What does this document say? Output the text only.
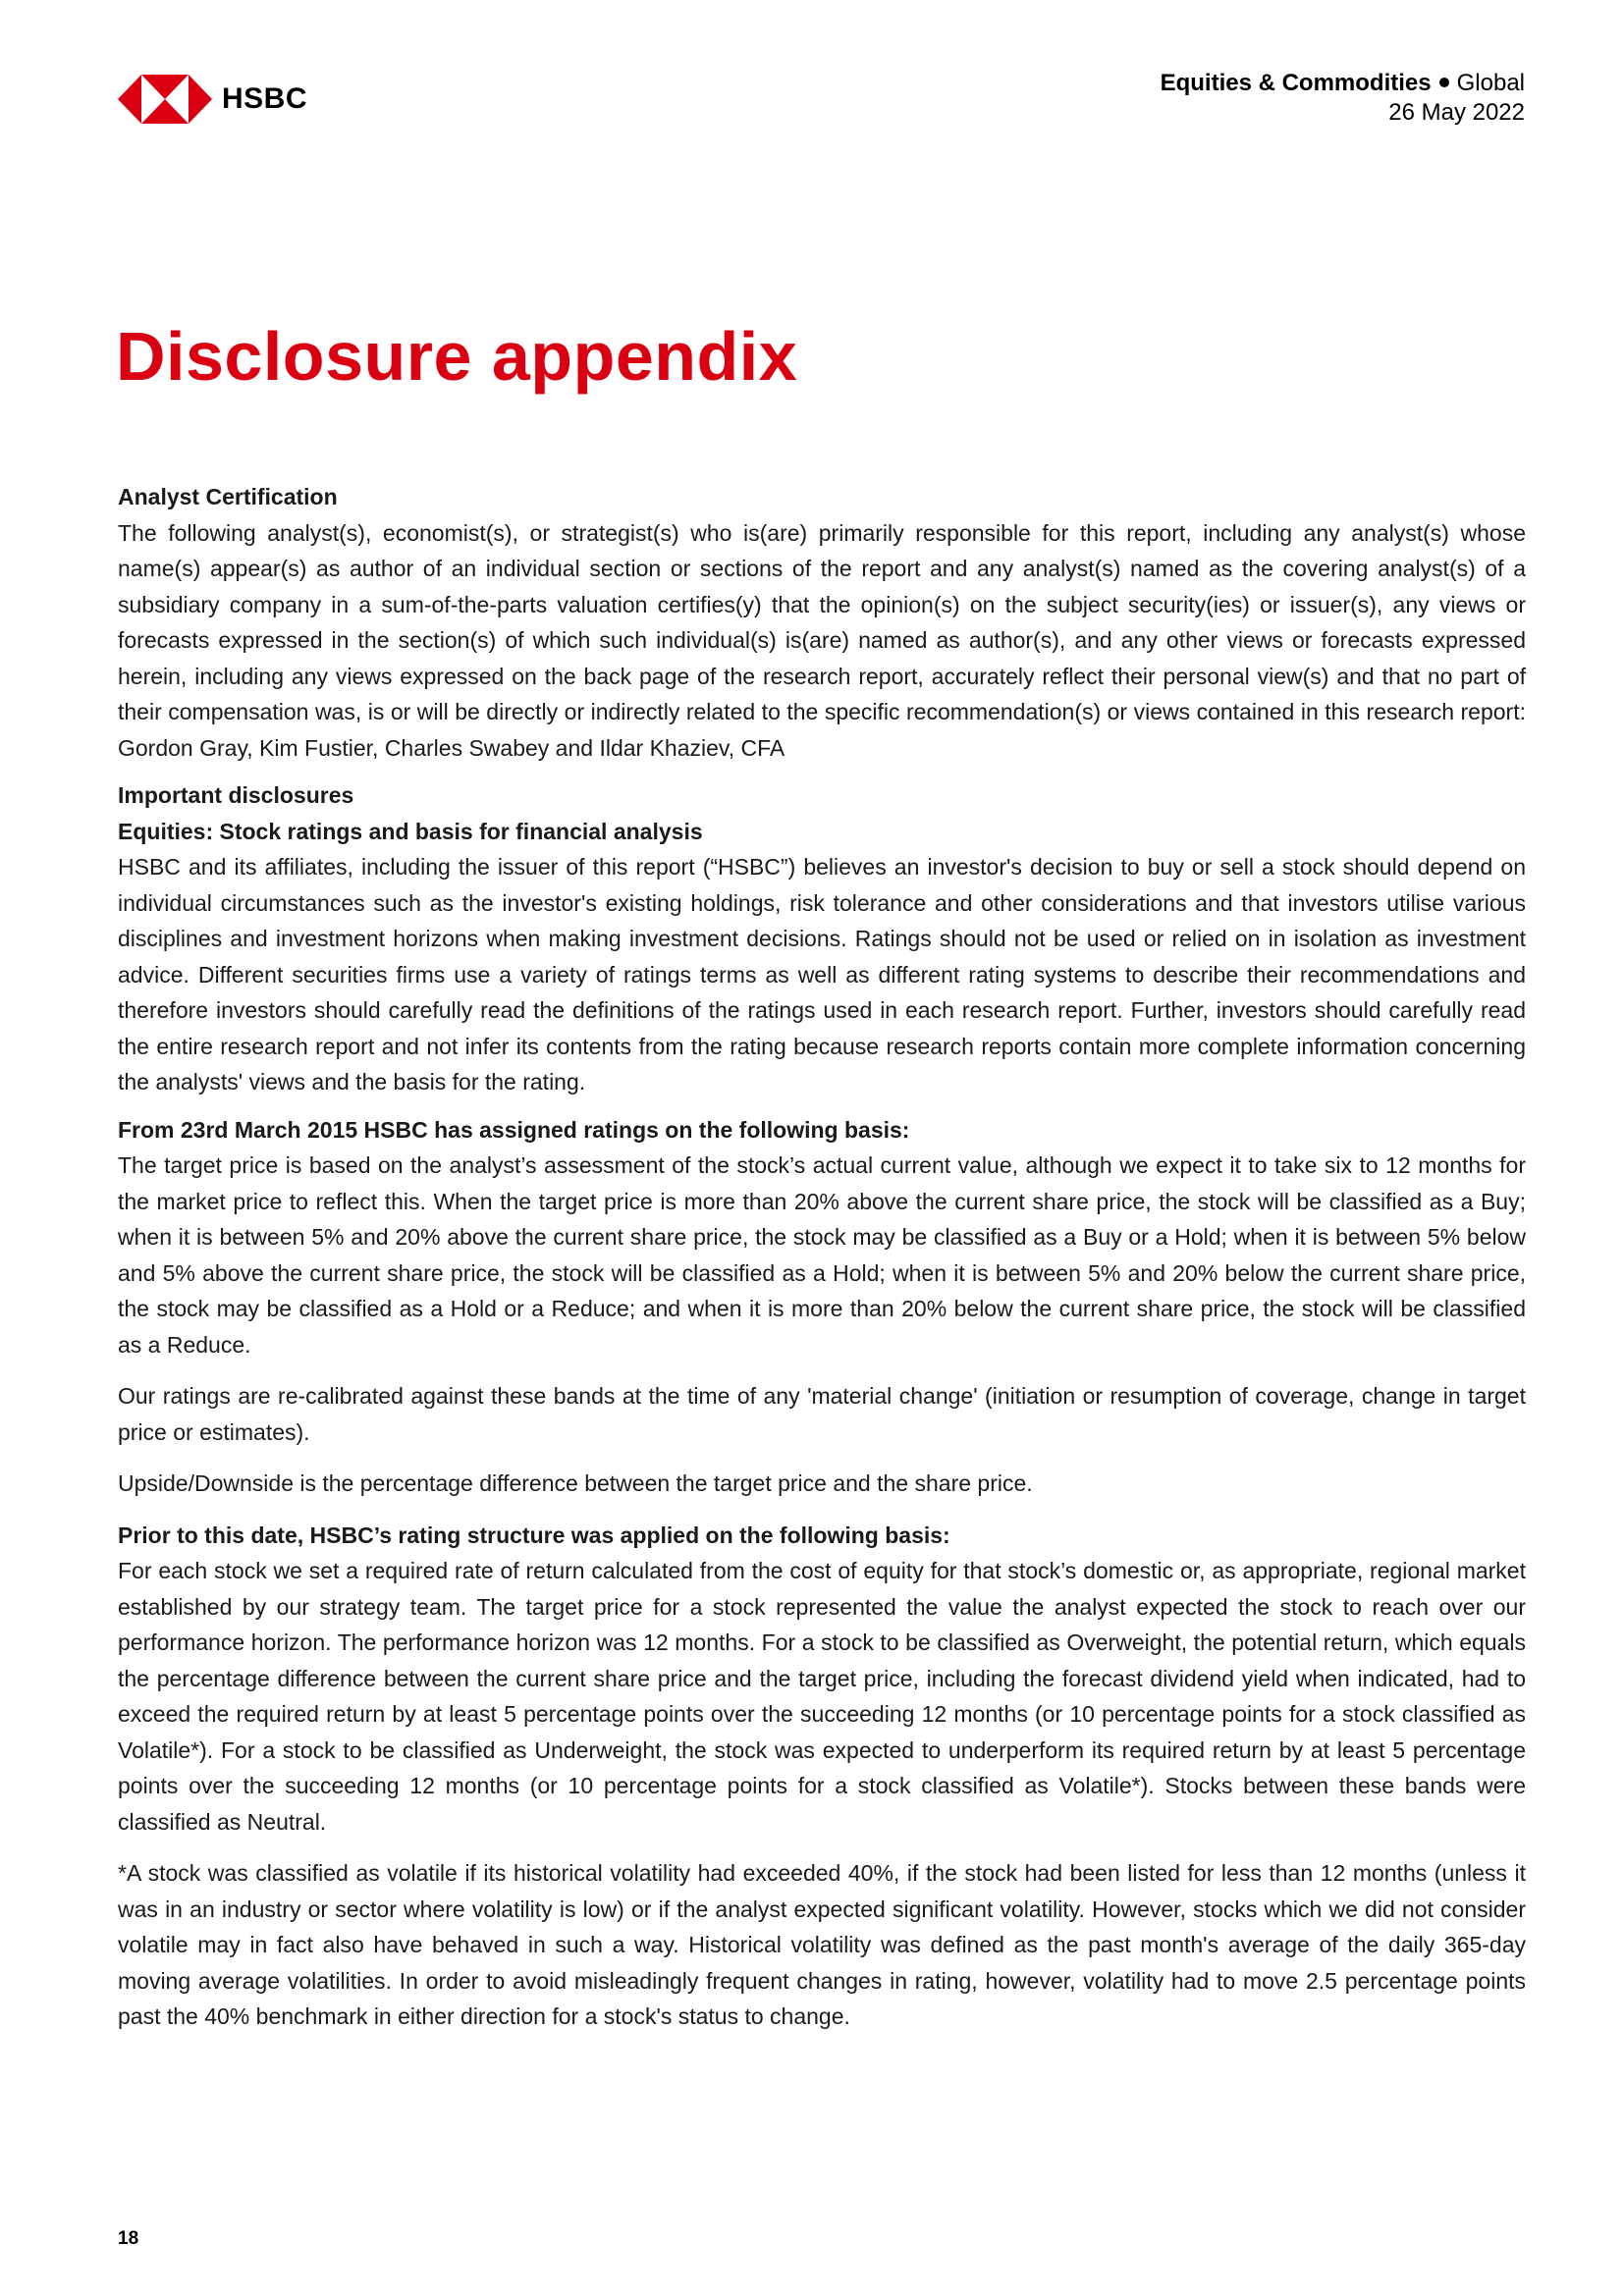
HSBC	Equities & Commodities Global
26 May 2022
Disclosure appendix
Analyst Certification

The following analyst(s), economist(s), or strategist(s) who is(are) primarily responsible for this report, including any analyst(s) whose name(s) appear(s) as author of an individual section or sections of the report and any analyst(s) named as the covering analyst(s) of a subsidiary company in a sum-of-the-parts valuation certifies(y) that the opinion(s) on the subject security(ies) or issuer(s), any views or forecasts expressed in the section(s) of which such individual(s) is(are) named as author(s), and any other views or forecasts expressed herein, including any views expressed on the back page of the research report, accurately reflect their personal view(s) and that no part of their compensation was, is or will be directly or indirectly related to the specific recommendation(s) or views contained in this research report: Gordon Gray, Kim Fustier, Charles Swabey and Ildar Khaziev, CFA

Important disclosures
Equities: Stock ratings and basis for financial analysis

HSBC and its affiliates, including the issuer of this report (“HSBC”) believes an investor's decision to buy or sell a stock should depend on individual circumstances such as the investor's existing holdings, risk tolerance and other considerations and that investors utilise various disciplines and investment horizons when making investment decisions. Ratings should not be used or relied on in isolation as investment advice. Different securities firms use a variety of ratings terms as well as different rating systems to describe their recommendations and therefore investors should carefully read the definitions of the ratings used in each research report. Further, investors should carefully read the entire research report and not infer its contents from the rating because research reports contain more complete information concerning the analysts' views and the basis for the rating.

From 23rd March 2015 HSBC has assigned ratings on the following basis:

The target price is based on the analyst’s assessment of the stock’s actual current value, although we expect it to take six to 12 months for the market price to reflect this. When the target price is more than 20% above the current share price, the stock will be classified as a Buy; when it is between 5% and 20% above the current share price, the stock may be classified as a Buy or a Hold; when it is between 5% below and 5% above the current share price, the stock will be classified as a Hold; when it is between 5% and 20% below the current share price, the stock may be classified as a Hold or a Reduce; and when it is more than 20% below the current share price, the stock will be classified as a Reduce.

Our ratings are re-calibrated against these bands at the time of any 'material change' (initiation or resumption of coverage, change in target price or estimates).

Upside/Downside is the percentage difference between the target price and the share price.

Prior to this date, HSBC’s rating structure was applied on the following basis:

For each stock we set a required rate of return calculated from the cost of equity for that stock’s domestic or, as appropriate, regional market established by our strategy team. The target price for a stock represented the value the analyst expected the stock to reach over our performance horizon. The performance horizon was 12 months. For a stock to be classified as Overweight, the potential return, which equals the percentage difference between the current share price and the target price, including the forecast dividend yield when indicated, had to exceed the required return by at least 5 percentage points over the succeeding 12 months (or 10 percentage points for a stock classified as Volatile*). For a stock to be classified as Underweight, the stock was expected to underperform its required return by at least 5 percentage points over the succeeding 12 months (or 10 percentage points for a stock classified as Volatile*). Stocks between these bands were classified as Neutral.

*A stock was classified as volatile if its historical volatility had exceeded 40%, if the stock had been listed for less than 12 months (unless it was in an industry or sector where volatility is low) or if the analyst expected significant volatility. However, stocks which we did not consider volatile may in fact also have behaved in such a way. Historical volatility was defined as the past month's average of the daily 365-day moving average volatilities. In order to avoid misleadingly frequent changes in rating, however, volatility had to move 2.5 percentage points past the 40% benchmark in either direction for a stock's status to change.

18
